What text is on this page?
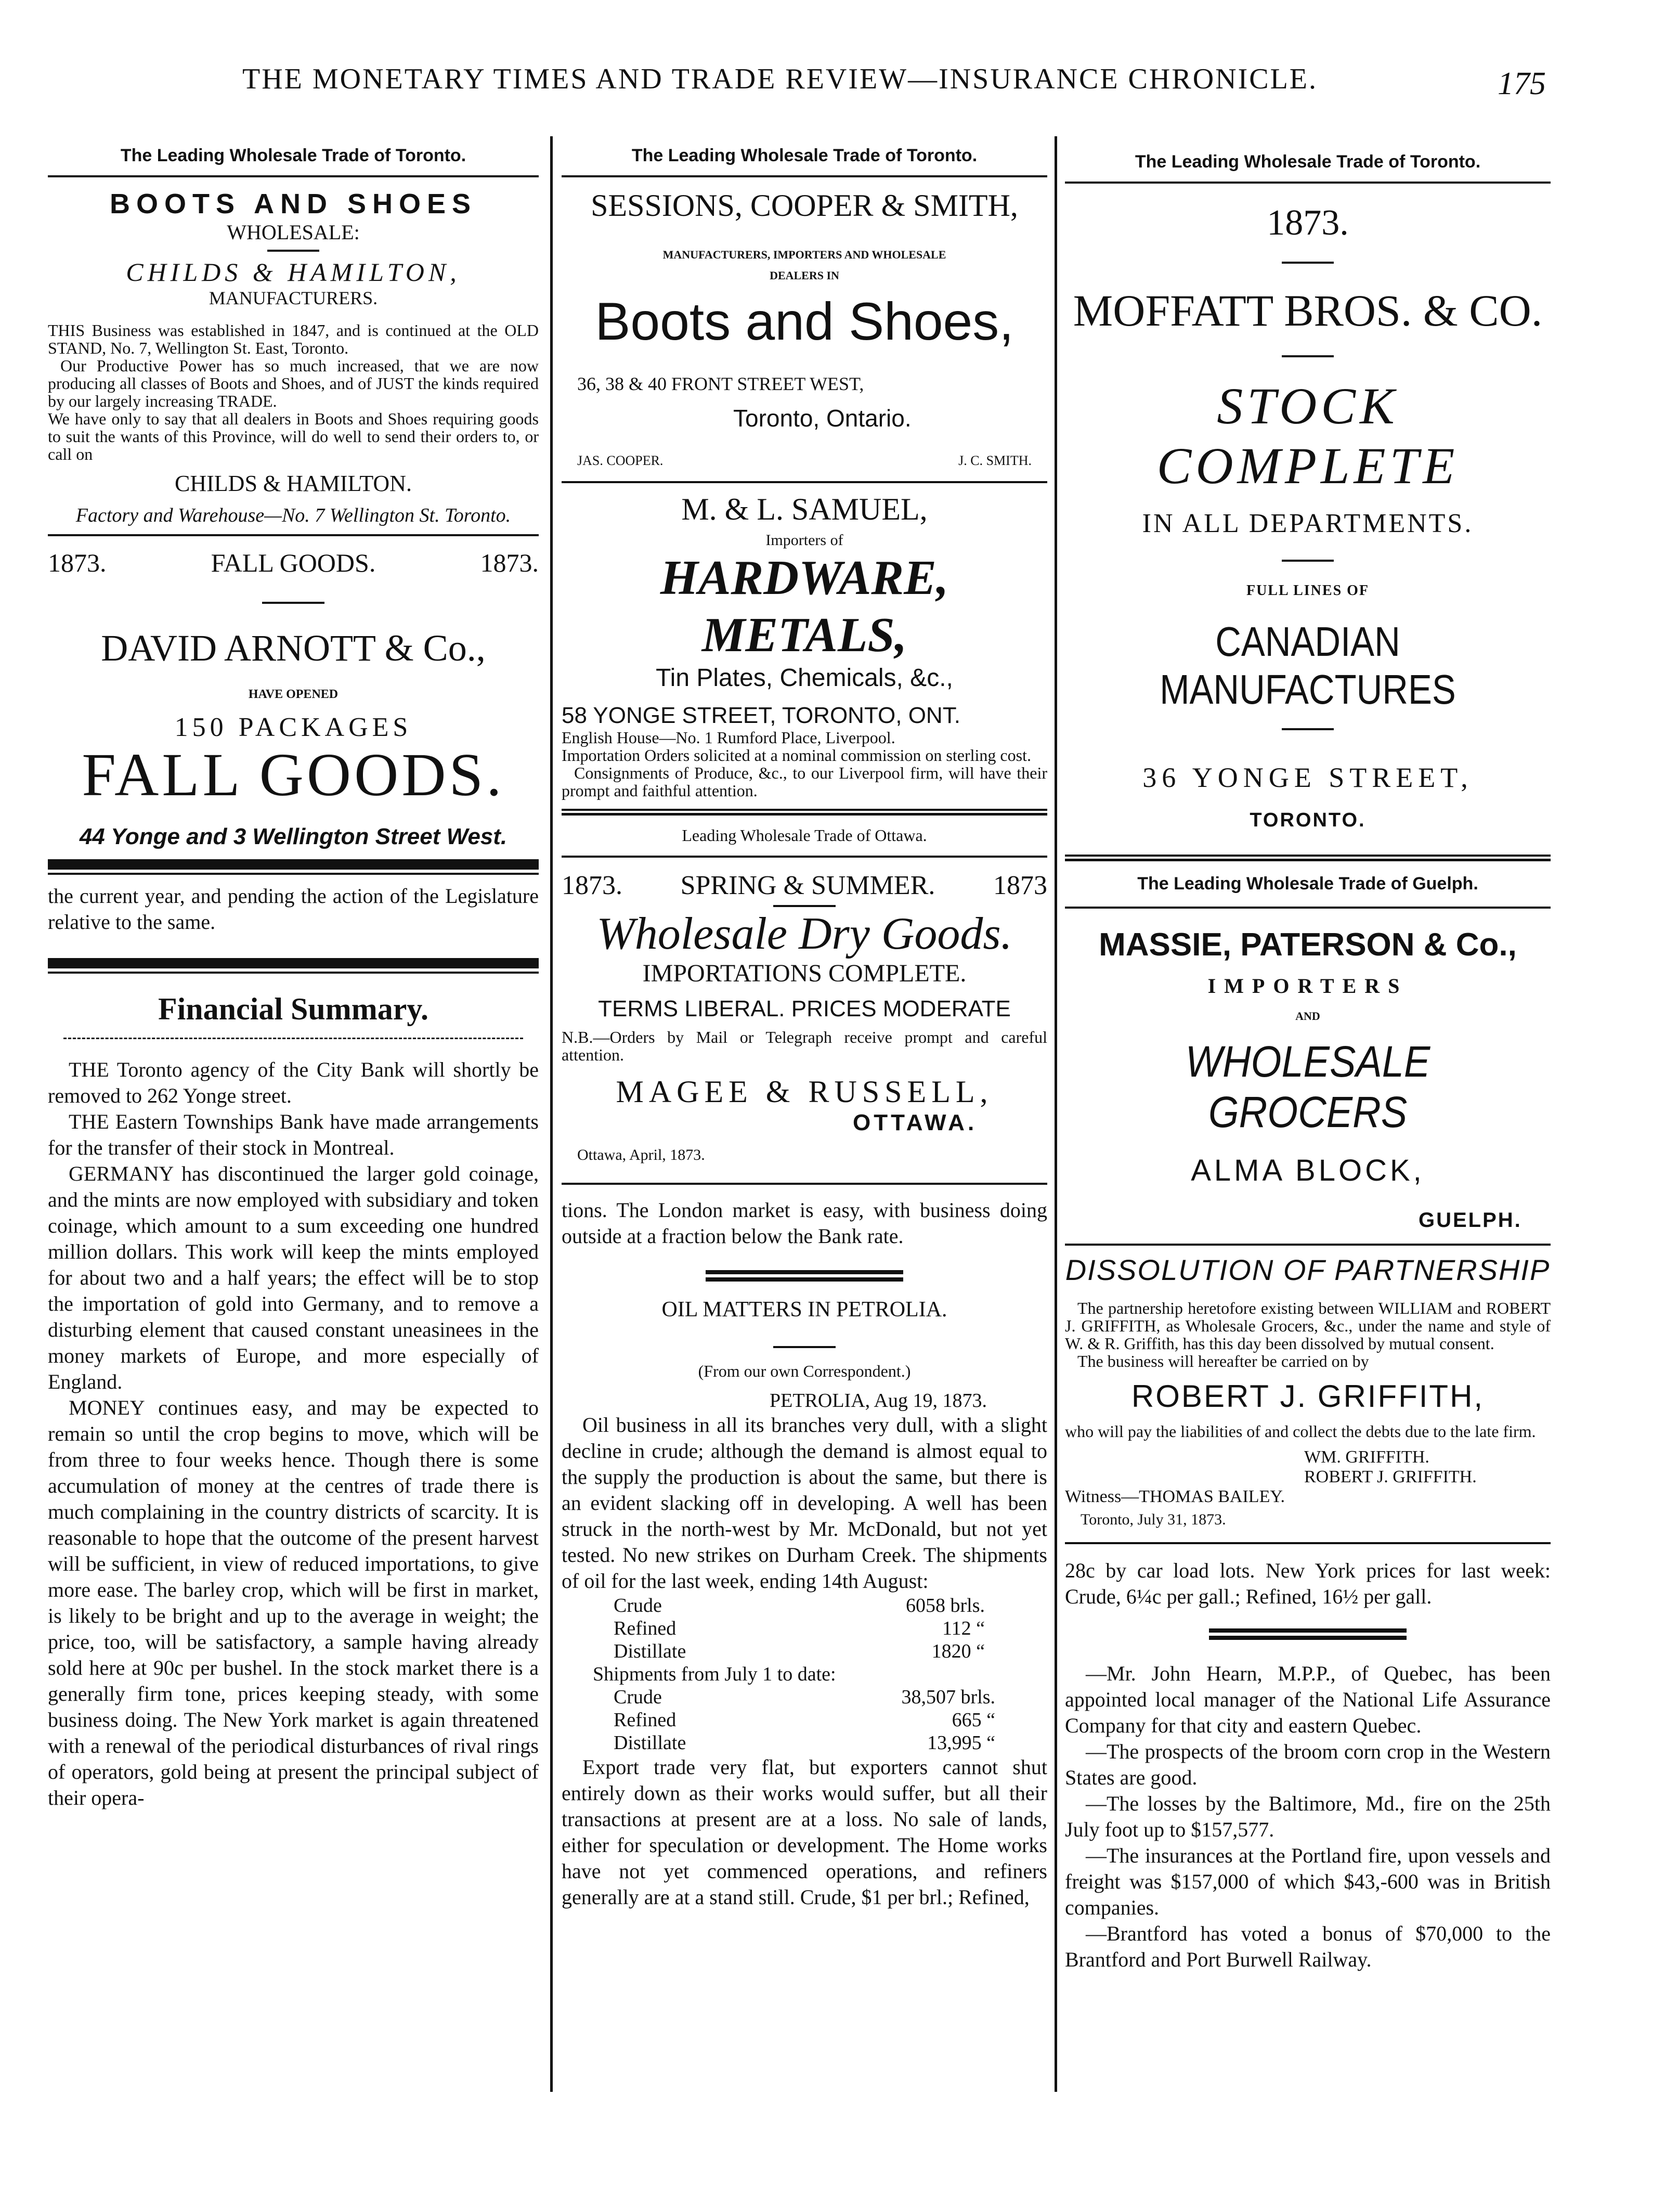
THE MONETARY TIMES AND TRADE REVIEW—INSURANCE CHRONICLE.	175
The Leading Wholesale Trade of Toronto.
BOOTS AND SHOES
WHOLESALE:
CHILDS & HAMILTON,
MANUFACTURERS.
THIS Business was established in 1847, and is continued at the OLD STAND, No. 7, Wellington St. East, Toronto.
Our Productive Power has so much increased, that we are now producing all classes of Boots and Shoes, and of JUST the kinds required by our largely increasing TRADE.
We have only to say that all dealers in Boots and Shoes requiring goods to suit the wants of this Province, will do well to send their orders to, or call on
CHILDS & HAMILTON.
Factory and Warehouse—No. 7 Wellington St. Toronto.
1873.	FALL GOODS.	1873.
DAVID ARNOTT & Co.,
HAVE OPENED
150 PACKAGES
FALL GOODS.
44 Yonge and 3 Wellington Street West.
the current year, and pending the action of the Legislature relative to the same.
Financial Summary.
THE Toronto agency of the City Bank will shortly be removed to 262 Yonge street.
THE Eastern Townships Bank have made arrangements for the transfer of their stock in Montreal.
GERMANY has discontinued the larger gold coinage, and the mints are now employed with subsidiary and token coinage, which amount to a sum exceeding one hundred million dollars. This work will keep the mints employed for about two and a half years; the effect will be to stop the importation of gold into Germany, and to remove a disturbing element that caused constant uneasinees in the money markets of Europe, and more especially of England.
MONEY continues easy, and may be expected to remain so until the crop begins to move, which will be from three to four weeks hence. Though there is some accumulation of money at the centres of trade there is much complaining in the country districts of scarcity. It is reasonable to hope that the outcome of the present harvest will be sufficient, in view of reduced importations, to give more ease. The barley crop, which will be first in market, is likely to be bright and up to the average in weight; the price, too, will be satisfactory, a sample having already sold here at 90c per bushel. In the stock market there is a generally firm tone, prices keeping steady, with some business doing. The New York market is again threatened with a renewal of the periodical disturbances of rival rings of operators, gold being at present the principal subject of their opera-
The Leading Wholesale Trade of Toronto.
SESSIONS, COOPER & SMITH,
MANUFACTURERS, IMPORTERS AND WHOLESALE DEALERS IN
Boots and Shoes,
36, 38 & 40 FRONT STREET WEST,
Toronto, Ontario.
JAS. COOPER.	J. C. SMITH.
M. & L. SAMUEL,
Importers of
HARDWARE, METALS,
Tin Plates, Chemicals, &c.,
58 YONGE STREET, TORONTO, ONT.
English House—No. 1 Rumford Place, Liverpool.
Importation Orders solicited at a nominal commission on sterling cost.
Consignments of Produce, &c., to our Liverpool firm, will have their prompt and faithful attention.
Leading Wholesale Trade of Ottawa.
1873. SPRING & SUMMER. 1873
Wholesale Dry Goods.
IMPORTATIONS COMPLETE.
TERMS LIBERAL. PRICES MODERATE
N.B.—Orders by Mail or Telegraph receive prompt and careful attention.
MAGEE & RUSSELL,
OTTAWA.
Ottawa, April, 1873.
tions. The London market is easy, with business doing outside at a fraction below the Bank rate.
OIL MATTERS IN PETROLIA.
(From our own Correspondent.)
PETROLIA, Aug 19, 1873.
Oil business in all its branches very dull, with a slight decline in crude; although the demand is almost equal to the supply the production is about the same, but there is an evident slacking off in developing. A well has been struck in the north-west by Mr. McDonald, but not yet tested. No new strikes on Durham Creek. The shipments of oil for the last week, ending 14th August:
Crude	6058 brls.
Refined	112 “
Distillate	1820 “
Shipments from July 1 to date:
Crude	38,507 brls.
Refined	665 “
Distillate	13,995 “
Export trade very flat, but exporters cannot shut entirely down as their works would suffer, but all their transactions at present are at a loss. No sale of lands, either for speculation or development. The Home works have not yet commenced operations, and refiners generally are at a stand still. Crude, $1 per brl.; Refined,
The Leading Wholesale Trade of Toronto.
1873.
MOFFATT BROS. & CO.
STOCK COMPLETE
IN ALL DEPARTMENTS.
FULL LINES OF
CANADIAN MANUFACTURES
36 YONGE STREET,
TORONTO.
The Leading Wholesale Trade of Guelph.
MASSIE, PATERSON & Co.,
IMPORTERS
AND
WHOLESALE GROCERS
ALMA BLOCK,
GUELPH.
DISSOLUTION OF PARTNERSHIP
The partnership heretofore existing between WILLIAM and ROBERT J. GRIFFITH, as Wholesale Grocers, &c., under the name and style of W. & R. Griffith, has this day been dissolved by mutual consent.
The business will hereafter be carried on by
ROBERT J. GRIFFITH,
who will pay the liabilities of and collect the debts due to the late firm.
WM. GRIFFITH.
ROBERT J. GRIFFITH.
Witness—THOMAS BAILEY.
Toronto, July 31, 1873.
28c by car load lots. New York prices for last week: Crude, 6¼c per gall.; Refined, 16½ per gall.
—Mr. John Hearn, M.P.P., of Quebec, has been appointed local manager of the National Life Assurance Company for that city and eastern Quebec.
—The prospects of the broom corn crop in the Western States are good.
—The losses by the Baltimore, Md., fire on the 25th July foot up to $157,577.
—The insurances at the Portland fire, upon vessels and freight was $157,000 of which $43,-600 was in British companies.
—Brantford has voted a bonus of $70,000 to the Brantford and Port Burwell Railway.
